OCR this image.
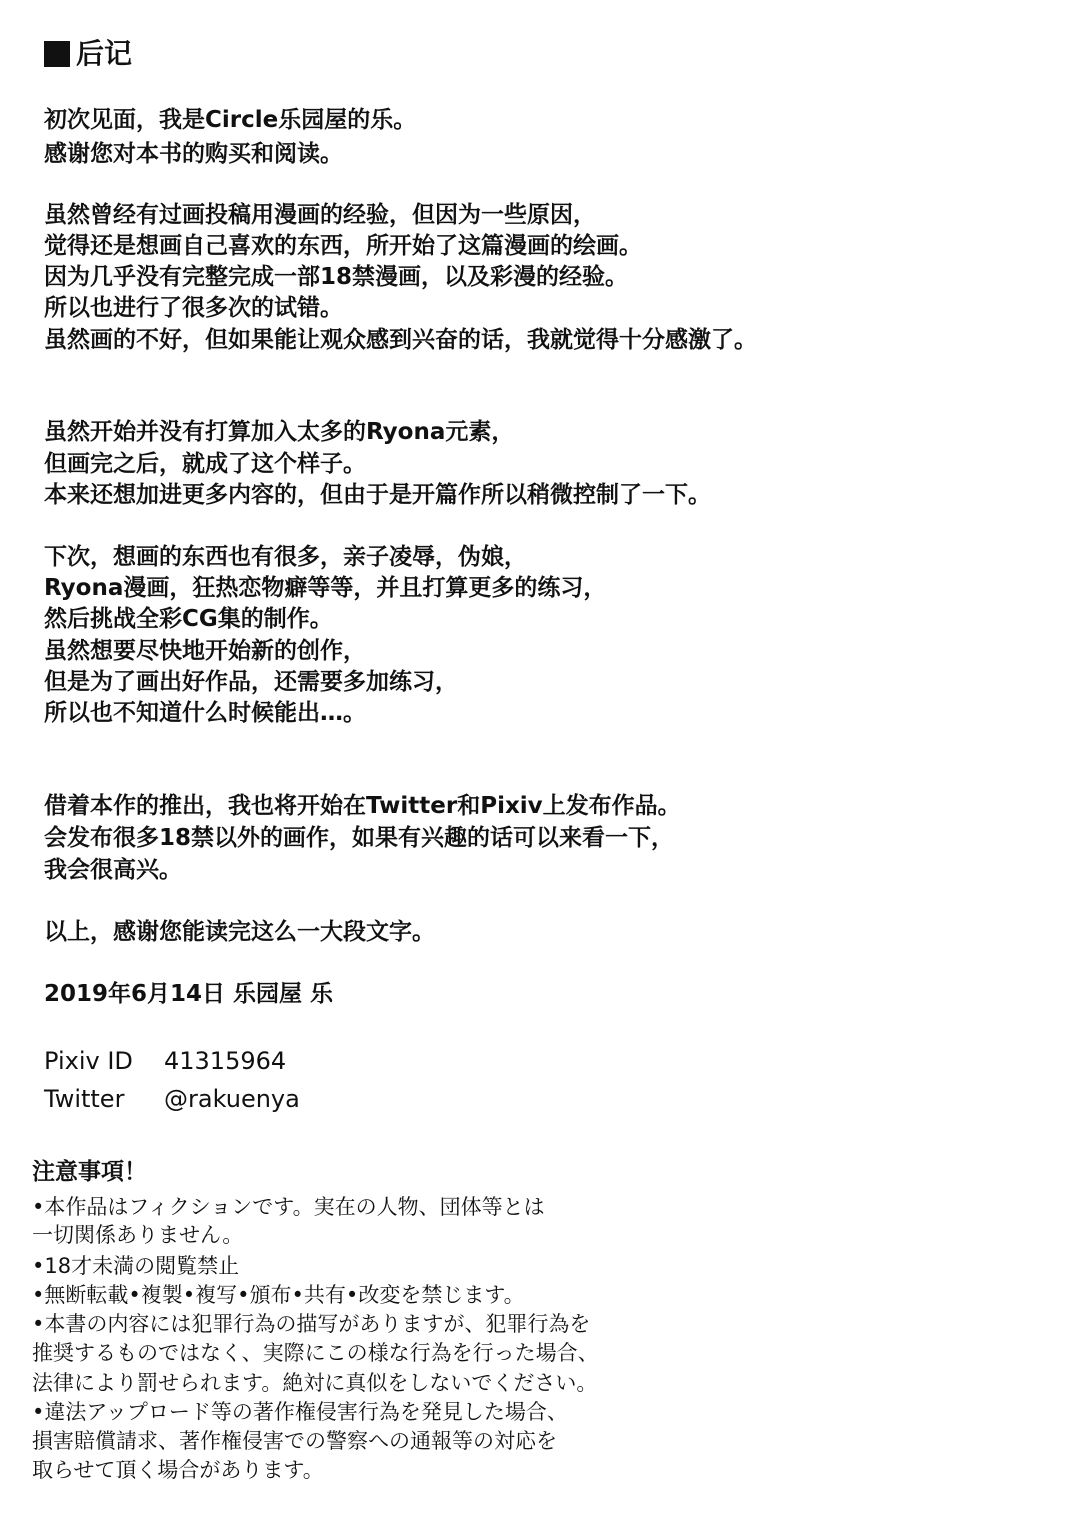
后记
初次见面，我是Circle乐园屋的乐。
感谢您对本书的购买和阅读。
虽然曾经有过画投稿用漫画的经验，但因为一些原因，
觉得还是想画自己喜欢的东西，所开始了这篇漫画的绘画。
因为几乎没有完整完成一部18禁漫画，以及彩漫的经验。
所以也进行了很多次的试错。
虽然画的不好，但如果能让观众感到兴奋的话，我就觉得十分感激了。
虽然开始并没有打算加入太多的Ryona元素，
但画完之后，就成了这个样子。
本来还想加进更多内容的，但由于是开篇作所以稍微控制了一下。
下次，想画的东西也有很多，亲子凌辱，伪娘，
Ryona漫画，狂热恋物癖等等，并且打算更多的练习，
然后挑战全彩CG集的制作。
虽然想要尽快地开始新的创作，
但是为了画出好作品，还需要多加练习，
所以也不知道什么时候能出…。
借着本作的推出，我也将开始在Twitter和Pixiv上发布作品。
会发布很多18禁以外的画作，如果有兴趣的话可以来看一下，
我会很高兴。
以上，感谢您能读完这么一大段文字。
2019年6月14日 乐园屋 乐
Pixiv ID 41315964
Twitter @rakuenya
注意事項！
•本作品はフィクションです。実在の人物、団体等とは
一切関係ありません。
•18才未満の閲覧禁止
•無断転載•複製•複写•頒布•共有•改変を禁じます。
•本書の内容には犯罪行為の描写がありますが、犯罪行為を
推奨するものではなく、実際にこの様な行為を行った場合、
法律により罰せられます。絶対に真似をしないでください。
•違法アップロード等の著作権侵害行為を発見した場合、
損害賠償請求、著作権侵害での警察への通報等の対応を
取らせて頂く場合があります。
